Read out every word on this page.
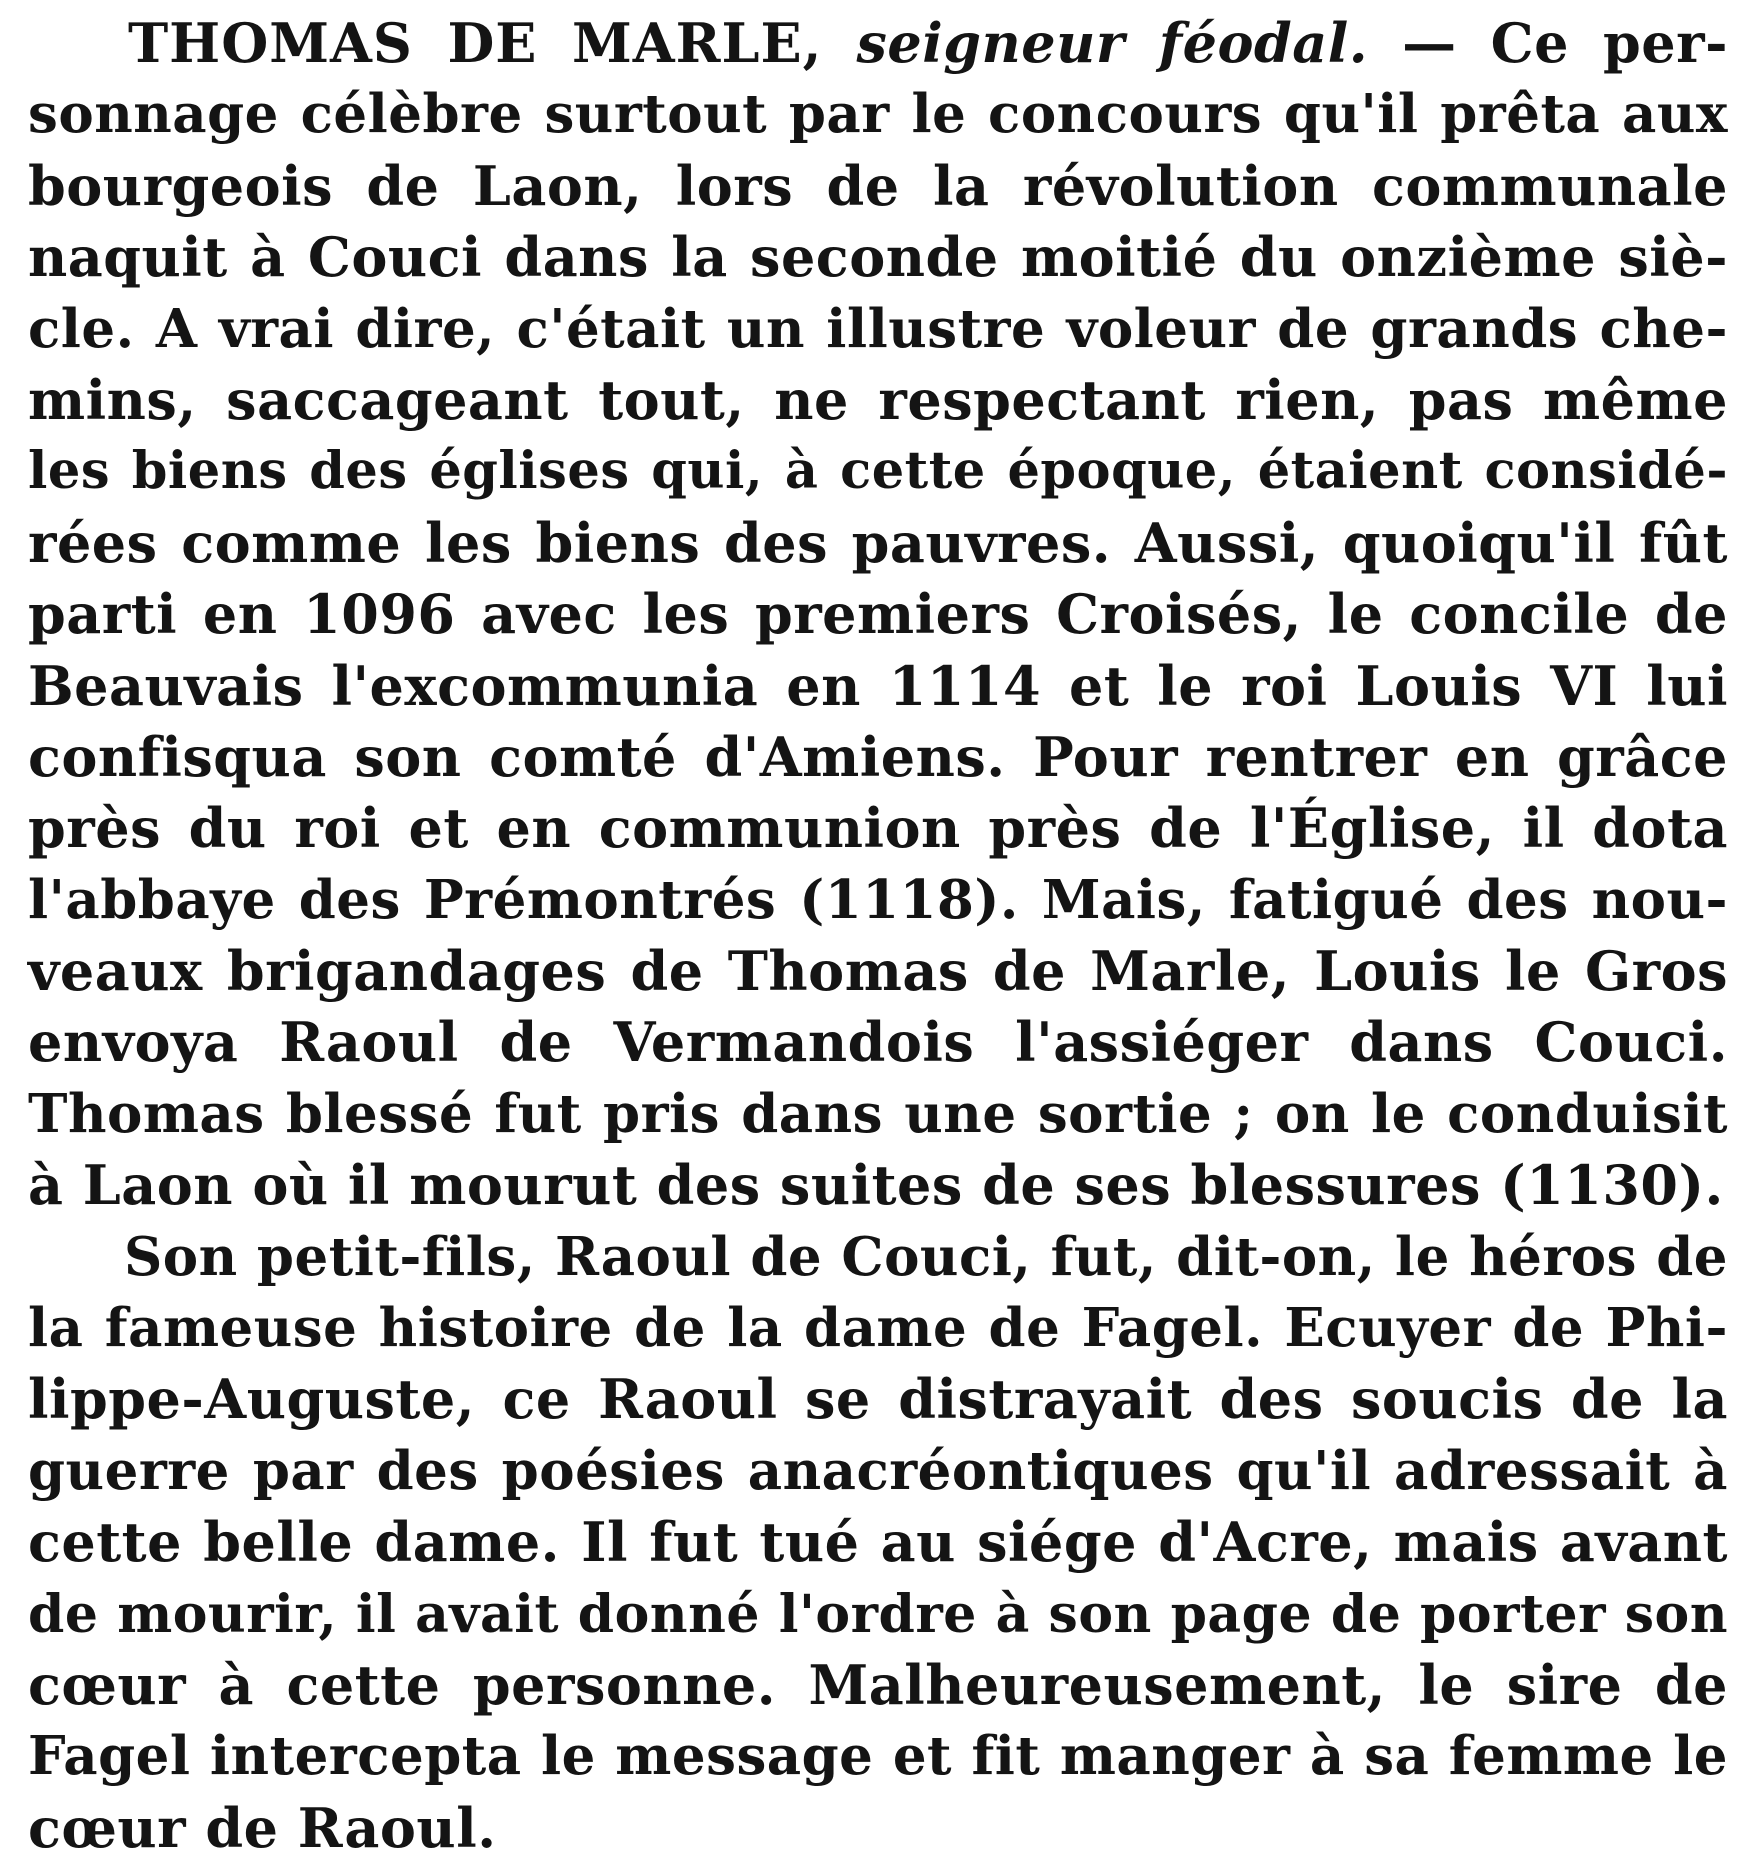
THOMAS DE MARLE, seigneur féodal. — Ce per-
sonnage célèbre surtout par le concours qu'il prêta aux
bourgeois de Laon, lors de la révolution communale
naquit à Couci dans la seconde moitié du onzième siè-
cle. A vrai dire, c'était un illustre voleur de grands che-
mins, saccageant tout, ne respectant rien, pas même
les biens des églises qui, à cette époque, étaient considé-
rées comme les biens des pauvres. Aussi, quoiqu'il fût
parti en 1096 avec les premiers Croisés, le concile de
Beauvais l'excommunia en 1114 et le roi Louis VI lui
confisqua son comté d'Amiens. Pour rentrer en grâce
près du roi et en communion près de l'Église, il dota
l'abbaye des Prémontrés (1118). Mais, fatigué des nou-
veaux brigandages de Thomas de Marle, Louis le Gros
envoya Raoul de Vermandois l'assiéger dans Couci.
Thomas blessé fut pris dans une sortie ; on le conduisit
à Laon où il mourut des suites de ses blessures (1130).
Son petit-fils, Raoul de Couci, fut, dit-on, le héros de
la fameuse histoire de la dame de Fagel. Ecuyer de Phi-
lippe-Auguste, ce Raoul se distrayait des soucis de la
guerre par des poésies anacréontiques qu'il adressait à
cette belle dame. Il fut tué au siége d'Acre, mais avant
de mourir, il avait donné l'ordre à son page de porter son
cœur à cette personne. Malheureusement, le sire de
Fagel intercepta le message et fit manger à sa femme le
cœur de Raoul.
